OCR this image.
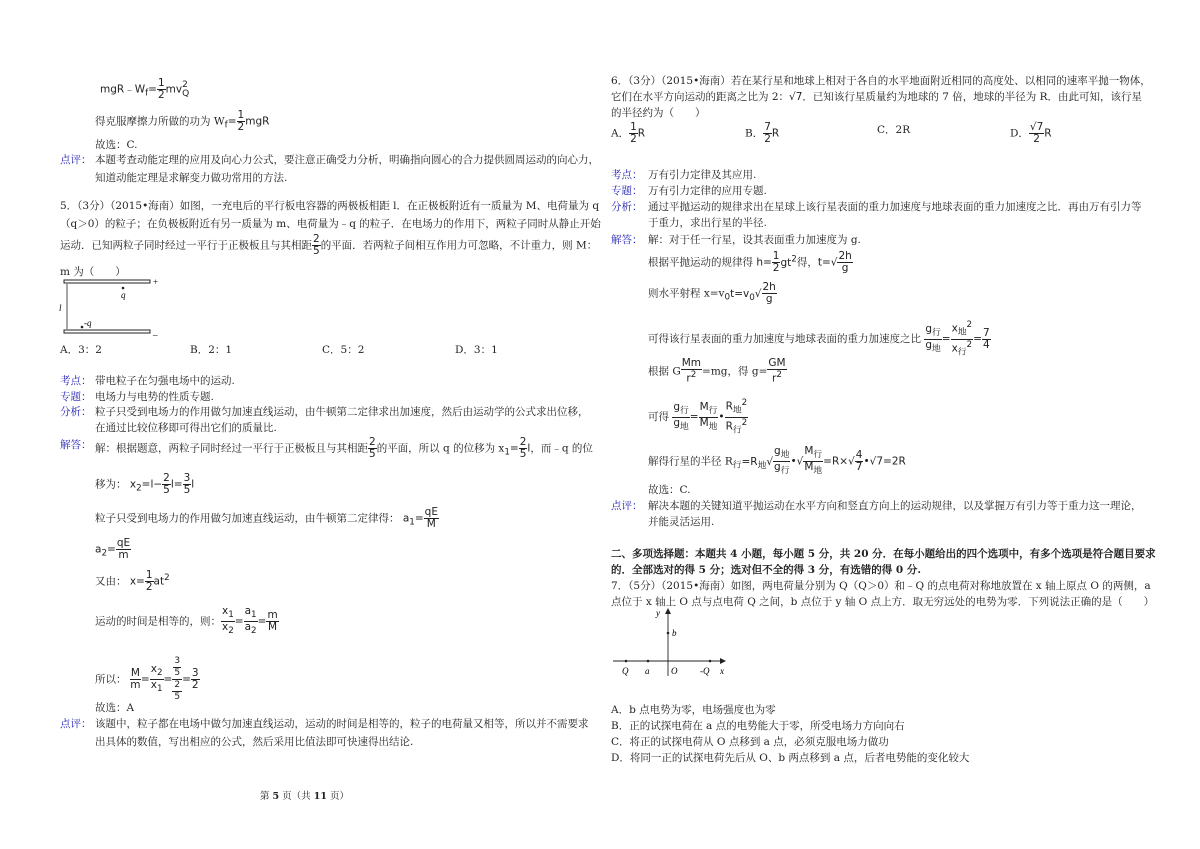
$mgR﹣W_f= \frac{1}{2}$ mv 2
Q
得克服摩擦力所做的功为 $W_f= \frac{1}{2}$ mgR
故选：C.
点评： 本题考查动能定理的应用及向心力公式，要注意正确受力分析，明确指向圆心的合力提供圆周运动的向心力，
知道动能定理是求解变力做功常用的方法.
5．（3分）（2015•海南）如图，一充电后的平行板电容器的两极板相距 l．在正极板附近有一质量为 M、电荷量为 q
（q＞0）的粒子；在负极板附近有另一质量为 m、电荷量为﹣q 的粒子．在电场力的作用下，两粒子同时从静止开始
运动．已知两粒子同时经过一平行于正极板且与其相距 $\frac{2}{5}$ 的平面．若两粒子间相互作用力可忽略，不计重力，则 M：
m 为（　　）
+
–
q
-q
l
A．3：2	B．2：1	C．5：2	D．3：1
考点： 带电粒子在匀强电场中的运动.
专题： 电场力与电势的性质专题.
分析： 粒子只受到电场力的作用做匀加速直线运动，由牛顿第二定律求出加速度，然后由运动学的公式求出位移，
在通过比较位移即可得出它们的质量比.
解答： 解：根据题意，两粒子同时经过一平行于正极板且与其相距 $\frac{2}{5}$ 的平面，所以 q 的位移为 $x_1= \frac{2}{5}$ l，而﹣q 的位
移为： $x_2=l- \frac{2}{5} l= \frac{3}{5}$ l
粒子只受到电场力的作用做匀加速直线运动，由牛顿第二定律得： $a_1= \frac{qE}{M}$
$a_2= \frac{qE}{m}$
又由： $x= \frac{1}{2} at^2$
运动的时间是相等的，则： $\frac{x_1}{x_2} = \frac{a_1}{a_2} = \frac{m}{M}$
所以： $\frac{M}{m} = \frac{x_2}{x_1} = 3$
5
2
$5 = \frac{3}{2}$
故选：A
点评： 该题中，粒子都在电场中做匀加速直线运动，运动的时间是相等的，粒子的电荷量又相等，所以并不需要求
出具体的数值，写出相应的公式，然后采用比值法即可快速得出结论.
6．（3分）（2015•海南）若在某行星和地球上相对于各自的水平地面附近相同的高度处、以相同的速率平抛一物体，
它们在水平方向运动的距离之比为 2：√7．已知该行星质量约为地球的 7 倍，地球的半径为 R．由此可知，该行星
的半径约为（　　）
A． $\frac{1}{2}$ R	B． $\frac{7}{2}$ R	C．2R	D． $\frac{√7}{2}$ R
考点： 万有引力定律及其应用.
专题： 万有引力定律的应用专题.
分析： 通过平抛运动的规律求出在星球上该行星表面的重力加速度与地球表面的重力加速度之比．再由万有引力等
于重力，求出行星的半径.
解答： 解：对于任一行星，设其表面重力加速度为 g.
根据平抛运动的规律得 $h= \frac{1}{2} gt^2$得，$t=√ \frac{2h}{g}$
则水平射程 $x=v_0t=v_0√ \frac{2h}{g}$
可得该行星表面的重力加速度与地球表面的重力加速度之比 $\frac{g_行}{g_地} = \frac{x_地^2}{x_行^2} = \frac{7}{4}$
根据 G $\frac{Mm}{r^2} =mg$，得 $g= \frac{GM}{r^2}$
可得 $\frac{g_行}{g_地} = \frac{M_行}{M_地}$ • $\frac{R_地^2}{R_行^2}$
解得行星的半径 $R_行=R_地√ \frac{g_地}{g_行}$ •√ $\frac{M_行}{M_地} =R\times√ \frac{4}{7}$ •√7=2R
故选：C.
点评： 解决本题的关键知道平抛运动在水平方向和竖直方向上的运动规律，以及掌握万有引力等于重力这一理论，
并能灵活运用.
二、多项选择题：本题共 4 小题，每小题 5 分，共 20 分．在每小题给出的四个选项中，有多个选项是符合题目要求
的．全部选对的得 5 分；选对但不全的得 3 分，有选错的得 0 分.
7．（5分）（2015•海南）如图，两电荷量分别为 Q（Q＞0）和﹣Q 的点电荷对称地放置在 x 轴上原点 O 的两侧，a
点位于 x 轴上 O 点与点电荷 Q 之间，b 点位于 y 轴 O 点上方．取无穷远处的电势为零．下列说法正确的是（　　）
y
b
Q a O	-Q x
A．b 点电势为零，电场强度也为零
B．正的试探电荷在 a 点的电势能大于零，所受电场力方向向右
C．将正的试探电荷从 O 点移到 a 点，必须克服电场力做功
D．将同一正的试探电荷先后从 O、b 两点移到 a 点，后者电势能的变化较大
第 5 页（共 11 页）
